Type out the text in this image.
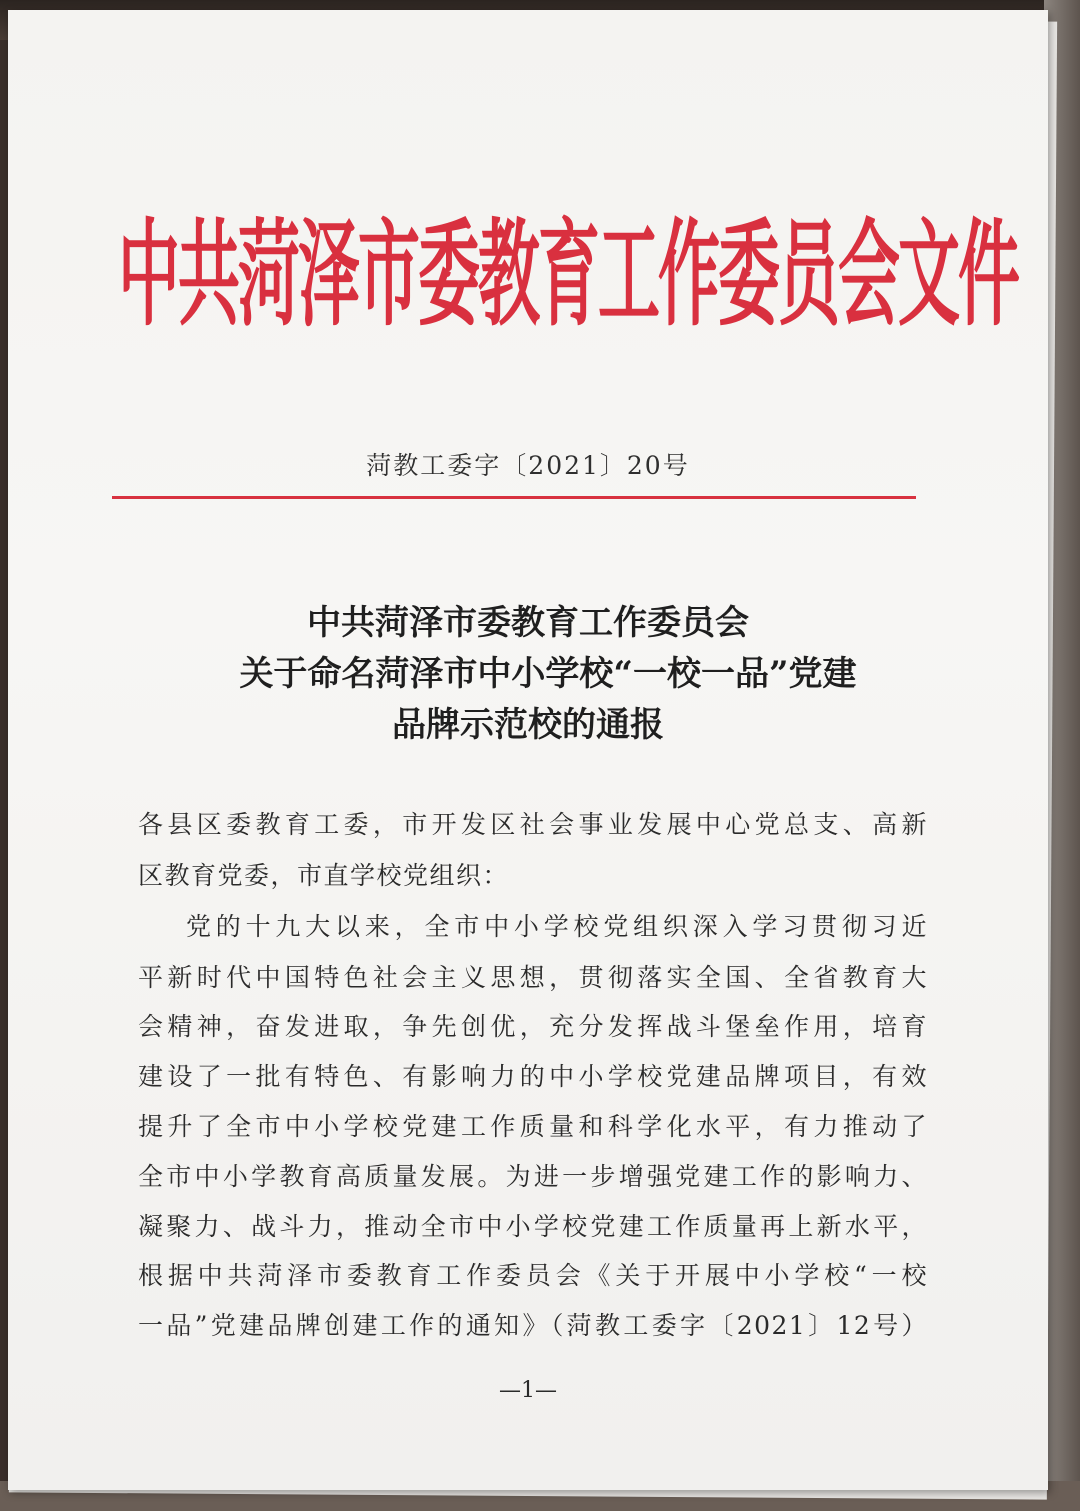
中共菏泽市委教育工作委员会文件
菏教工委字〔2021〕20号
中共菏泽市委教育工作委员会
关于命名菏泽市中小学校“一校一品”党建
品牌示范校的通报
各县区委教育工委，市开发区社会事业发展中心党总支、高新
区教育党委，市直学校党组织：
党的十九大以来，全市中小学校党组织深入学习贯彻习近
平新时代中国特色社会主义思想，贯彻落实全国、全省教育大
会精神，奋发进取，争先创优，充分发挥战斗堡垒作用，培育
建设了一批有特色、有影响力的中小学校党建品牌项目，有效
提升了全市中小学校党建工作质量和科学化水平，有力推动了
全市中小学教育高质量发展。为进一步增强党建工作的影响力、
凝聚力、战斗力，推动全市中小学校党建工作质量再上新水平，
根据中共菏泽市委教育工作委员会《关于开展中小学校“一校
一品”党建品牌创建工作的通知》（菏教工委字〔2021〕12号）
—1—
